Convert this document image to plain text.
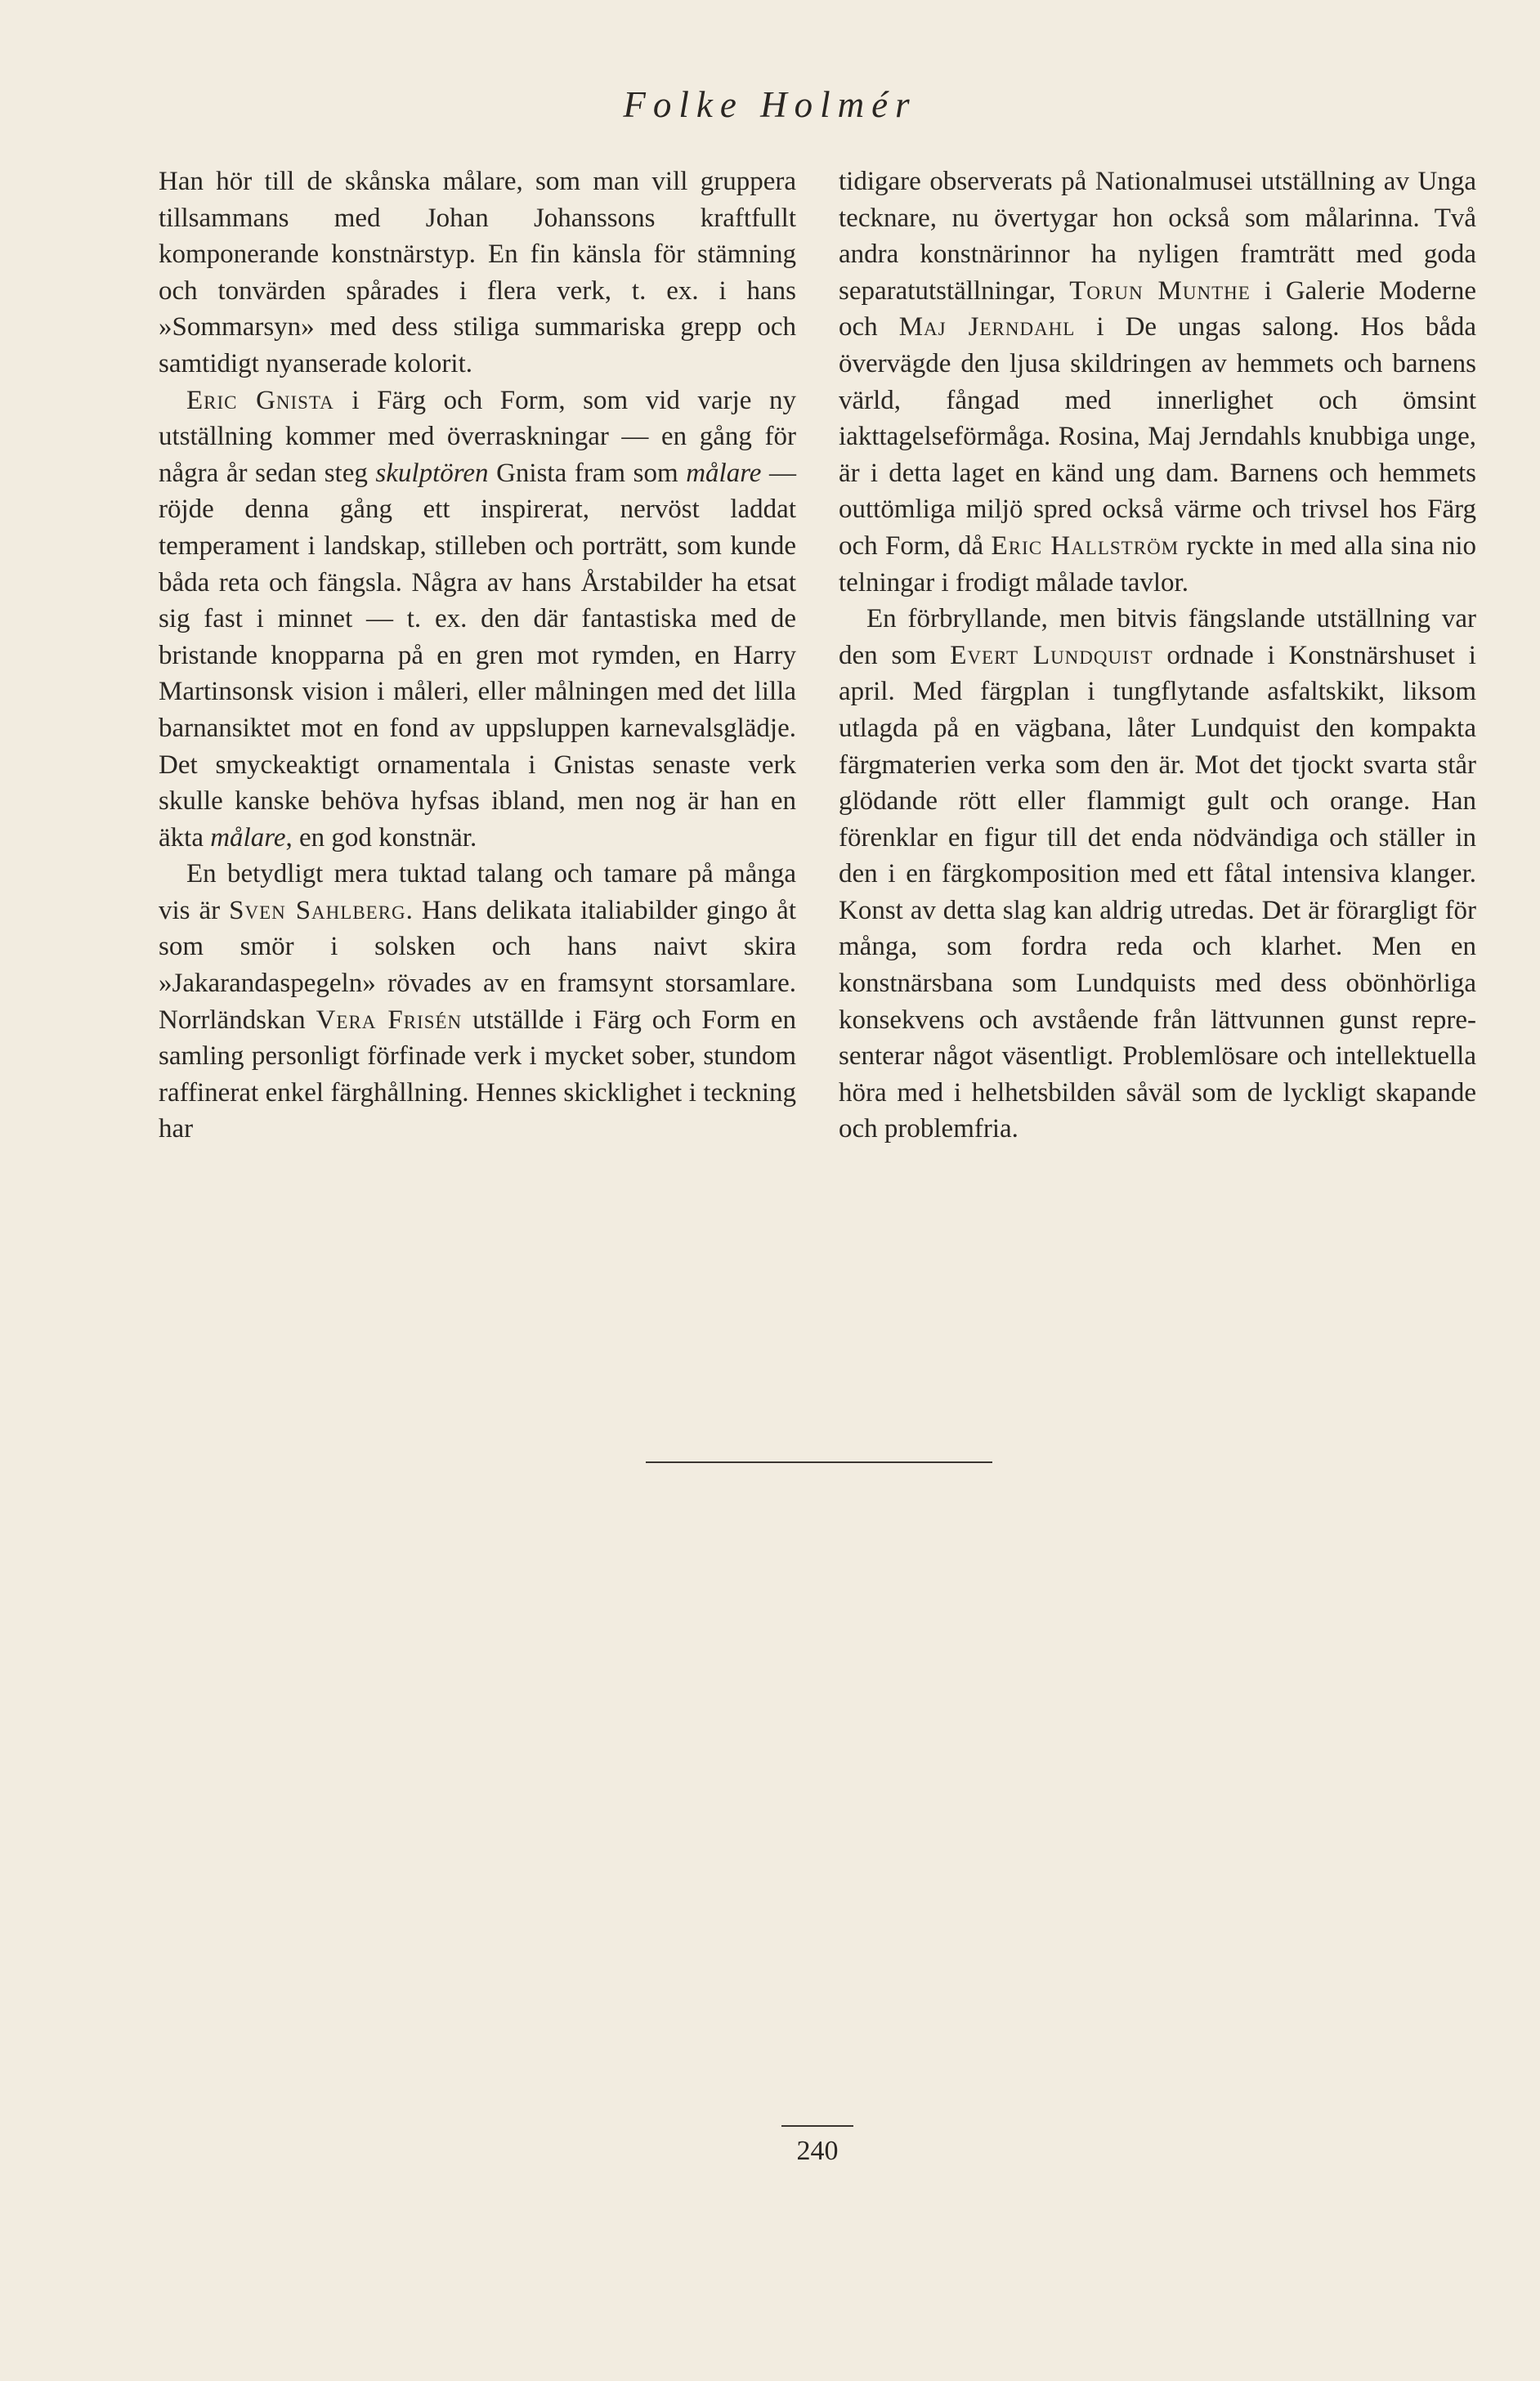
Folke Holmér

Han hör till de skånska målare, som man vill gruppera tillsammans med Johan Johanssons kraftfullt komponerande konstnärstyp. En fin känsla för stämning och tonvärden spårades i flera verk, t. ex. i hans »Sommarsyn» med dess stiliga summariska grepp och samtidigt nyanserade kolorit.

Eric Gnista i Färg och Form, som vid varje ny utställning kommer med överraskningar — en gång för några år sedan steg skulptören Gnista fram som målare — röjde denna gång ett inspirerat, nervöst laddat temperament i landskap, stilleben och porträtt, som kunde båda reta och fängsla. Några av hans Årstabilder ha etsat sig fast i minnet — t. ex. den där fantastiska med de bristande knopparna på en gren mot rymden, en Harry Martinsonsk vision i måleri, eller målningen med det lilla barnansiktet mot en fond av uppsluppen karnevalsglädje. Det smyckeaktigt ornamentala i Gnistas senaste verk skulle kanske behöva hyfsas ibland, men nog är han en äkta målare, en god konstnär.

En betydligt mera tuktad talang och tamare på många vis är Sven Sahlberg. Hans delikata italiabilder gingo åt som smör i solsken och hans naivt skira »Jakarandaspegeln» rövades av en framsynt storsamlare. Norrländskan Vera Frisén utställde i Färg och Form en samling personligt förfinade verk i mycket sober, stundom raffinerat enkel färghållning. Hennes skicklighet i teckning har

tidigare observerats på Nationalmusei utställning av Unga tecknare, nu övertygar hon också som målarinna. Två andra konstnärinnor ha nyligen framträtt med goda separatutställningar, Torun Munthe i Galerie Moderne och Maj Jerndahl i De ungas salong. Hos båda övervägde den ljusa skildringen av hemmets och barnens värld, fångad med innerlighet och ömsint iakttagelseförmåga. Rosina, Maj Jerndahls knubbiga unge, är i detta laget en känd ung dam. Barnens och hemmets outtömliga miljö spred också värme och trivsel hos Färg och Form, då Eric Hallström ryckte in med alla sina nio telningar i frodigt målade tavlor.

En förbryllande, men bitvis fängslande utställning var den som Evert Lundquist ordnade i Konstnärshuset i april. Med färgplan i tungflytande asfaltskikt, liksom utlagda på en vägbana, låter Lundquist den kompakta färgmaterien verka som den är. Mot det tjockt svarta står glödande rött eller flammigt gult och orange. Han förenklar en figur till det enda nödvändiga och ställer in den i en färgkomposition med ett fåtal intensiva klanger. Konst av detta slag kan aldrig utredas. Det är förargligt för många, som fordra reda och klarhet. Men en konstnärsbana som Lundquists med dess obönhörliga konsekvens och avstående från lättvunnen gunst representerar något väsentligt. Problemlösare och intellektuella höra med i helhetsbilden såväl som de lyckligt skapande och problemfria.

240
